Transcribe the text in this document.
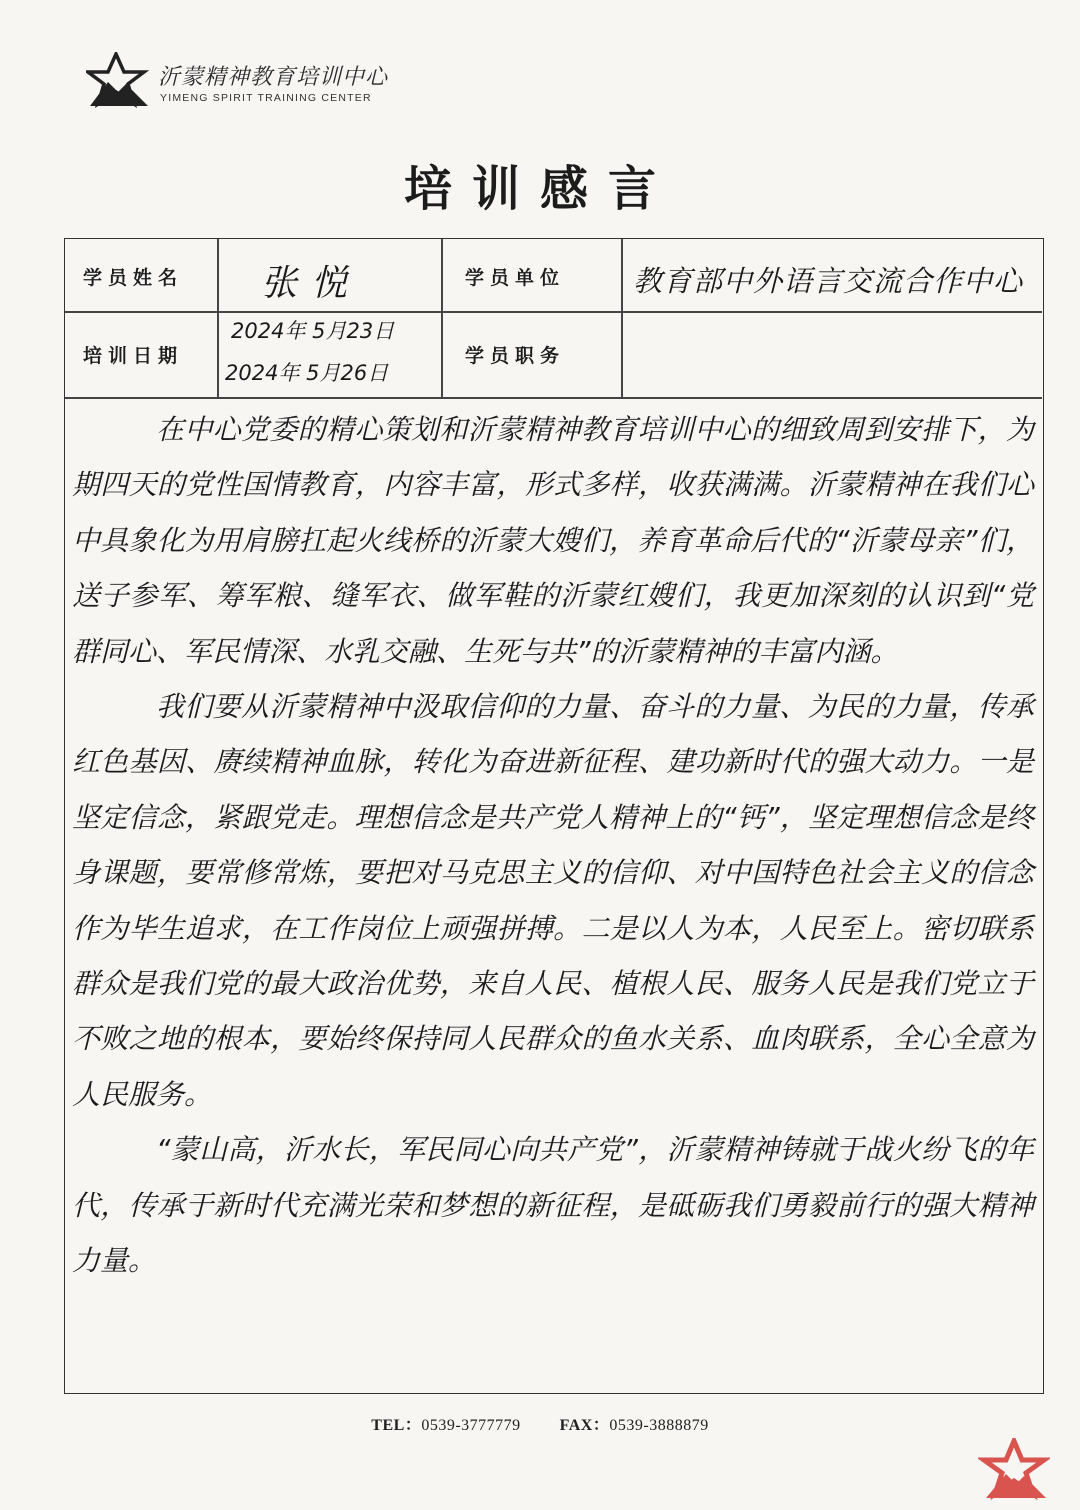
沂蒙精神教育培训中心
YIMENG SPIRIT TRAINING CENTER
培训感言
学员姓名 张悦	学员单位 教育部中外语言交流合作中心
培训日期
2024年 5月23日
2024年 5月26日
学员职务

在中心党委的精心策划和沂蒙精神教育培训中心的细致周到安排下，为期四天的党性国情教育，内容丰富，形式多样，收获满满。沂蒙精神在我们心中具象化为用肩膀扛起火线桥的沂蒙大嫂们，养育革命后代的“沂蒙母亲”们，送子参军、筹军粮、缝军衣、做军鞋的沂蒙红嫂们，我更加深刻的认识到“党群同心、军民情深、水乳交融、生死与共”的沂蒙精神的丰富内涵。

我们要从沂蒙精神中汲取信仰的力量、奋斗的力量、为民的力量，传承红色基因、赓续精神血脉，转化为奋进新征程、建功新时代的强大动力。一是坚定信念，紧跟党走。理想信念是共产党人精神上的“钙”，坚定理想信念是终身课题，要常修常炼，要把对马克思主义的信仰、对中国特色社会主义的信念作为毕生追求，在工作岗位上顽强拼搏。二是以人为本，人民至上。密切联系群众是我们党的最大政治优势，来自人民、植根人民、服务人民是我们党立于不败之地的根本，要始终保持同人民群众的鱼水关系、血肉联系，全心全意为人民服务。

“蒙山高，沂水长，军民同心向共产党”，沂蒙精神铸就于战火纷飞的年代，传承于新时代充满光荣和梦想的新征程，是砥砺我们勇毅前行的强大精神力量。

TEL：0539-3777779 FAX：0539-3888879
